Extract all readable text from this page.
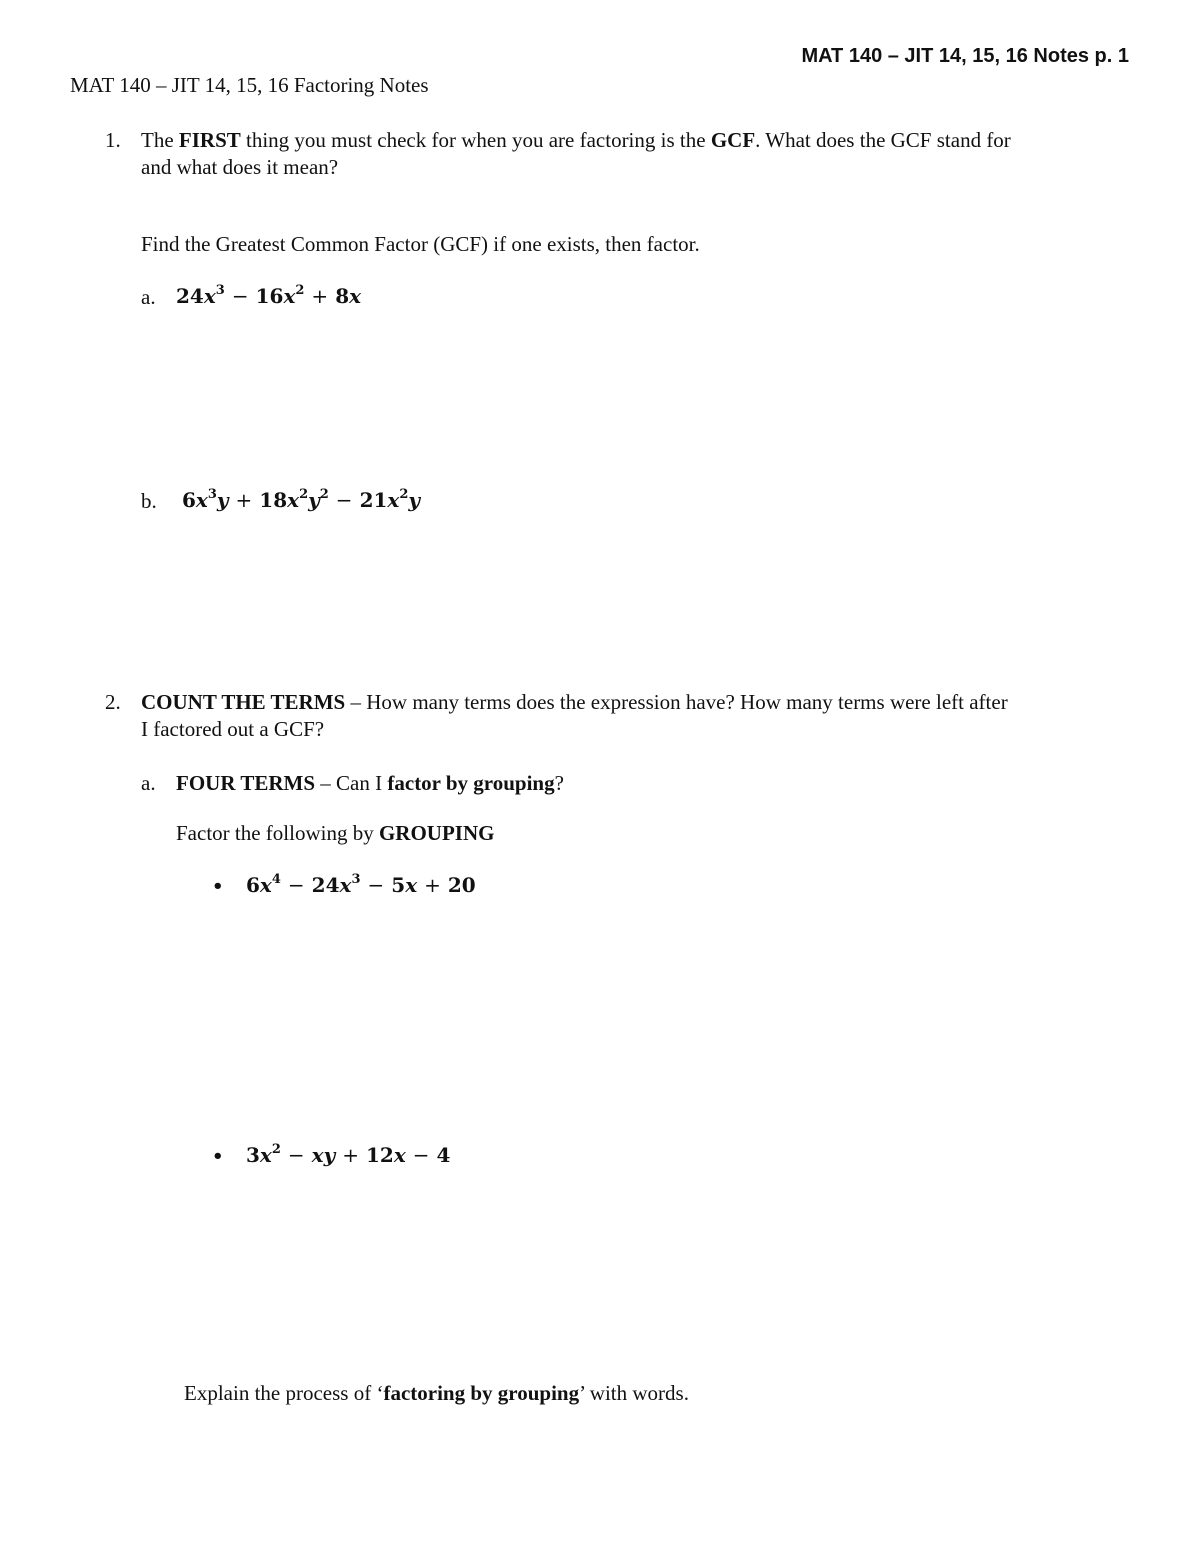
MAT 140 – JIT 14, 15, 16 Notes p. 1
MAT 140 – JIT 14, 15, 16 Factoring Notes
1. The FIRST thing you must check for when you are factoring is the GCF. What does the GCF stand for
and what does it mean?
Find the Greatest Common Factor (GCF) if one exists, then factor.
a. $24x^3 - 16x^2 + 8x$
b. $6x^3y + 18x^2y^2 - 21x^2y$
2. COUNT THE TERMS – How many terms does the expression have? How many terms were left after
I factored out a GCF?
a. FOUR TERMS – Can I factor by grouping?
Factor the following by GROUPING
• $6x^4 - 24x^3 - 5x + 20$
• $3x^2$ − xy + 12x − 4
Explain the process of ‘factoring by grouping’ with words.
